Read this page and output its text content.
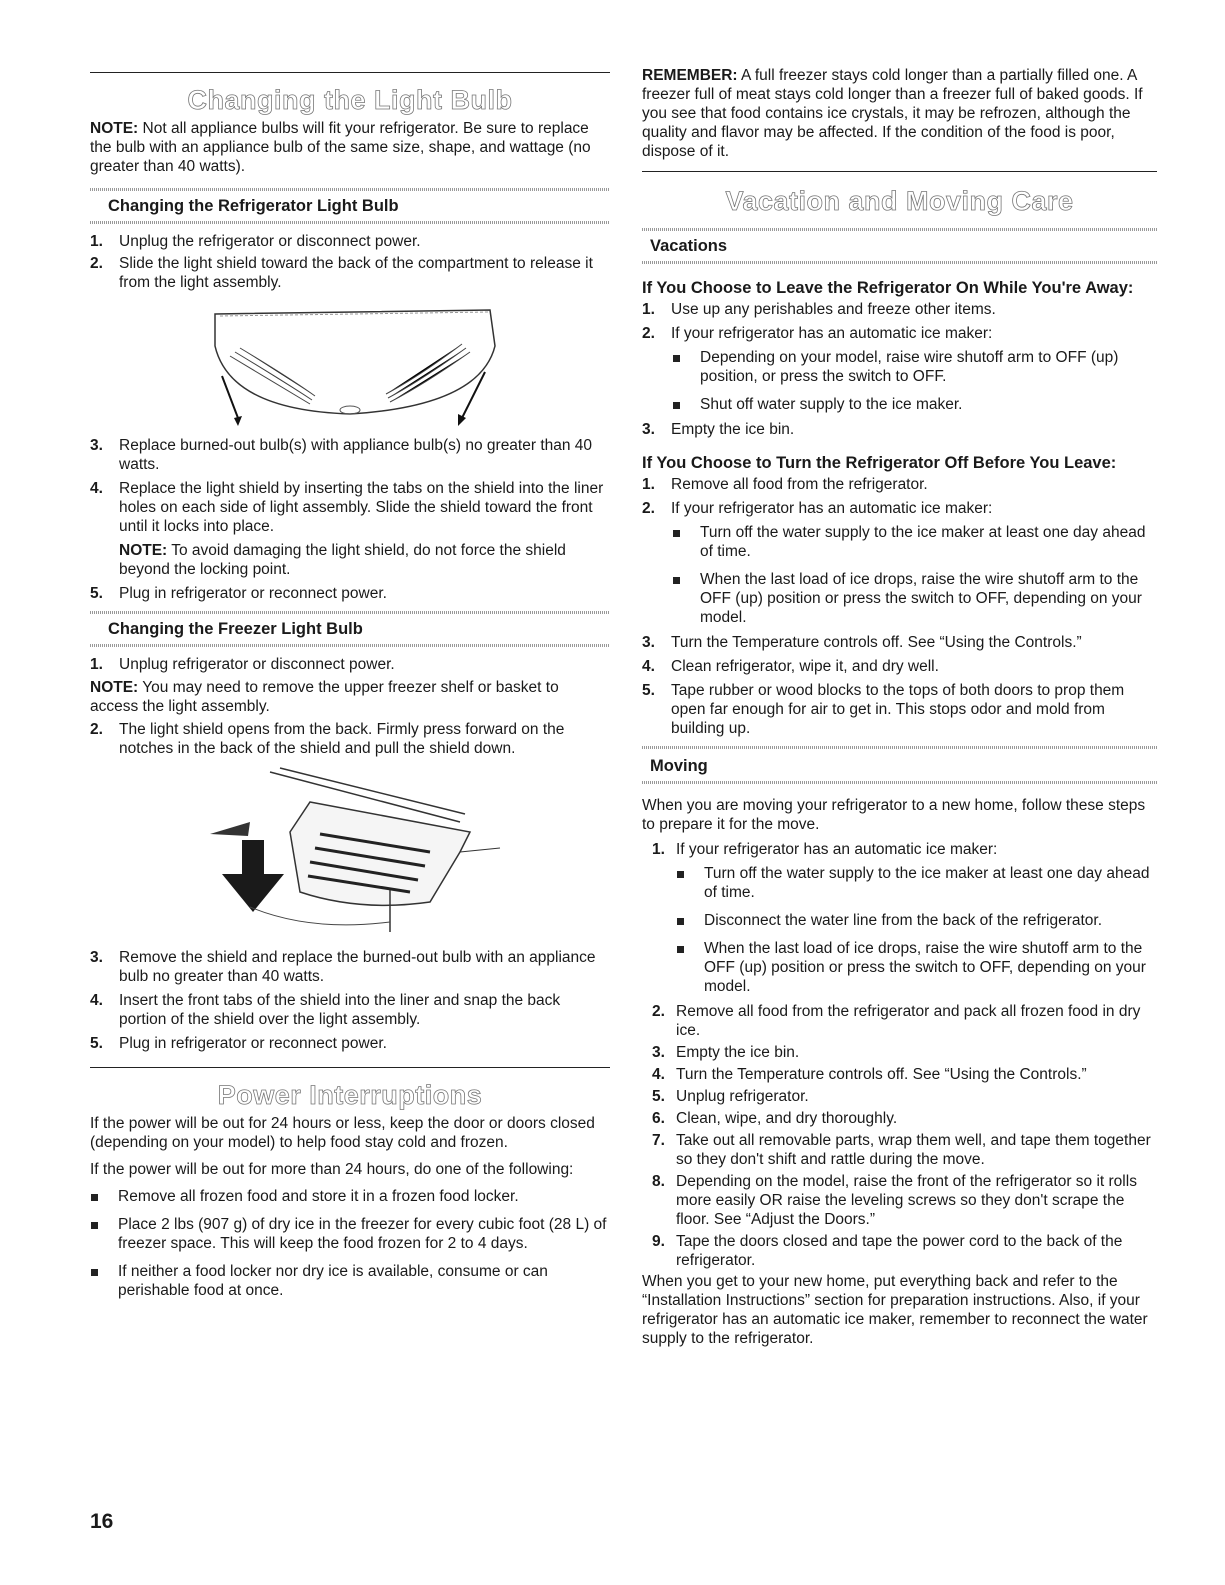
Changing the Light Bulb

NOTE: Not all appliance bulbs will fit your refrigerator. Be sure to replace the bulb with an appliance bulb of the same size, shape, and wattage (no greater than 40 watts).

Changing the Refrigerator Light Bulb
1.	Unplug the refrigerator or disconnect power.
2.	Slide the light shield toward the back of the compartment to release it from the light assembly.
3.	Replace burned-out bulb(s) with appliance bulb(s) no greater than 40 watts.
4.	Replace the light shield by inserting the tabs on the shield into the liner holes on each side of light assembly. Slide the shield toward the front until it locks into place.

NOTE: To avoid damaging the light shield, do not force the shield beyond the locking point.

5.	Plug in refrigerator or reconnect power.
Changing the Freezer Light Bulb
1.	Unplug refrigerator or disconnect power.

NOTE: You may need to remove the upper freezer shelf or basket to access the light assembly.

2.	The light shield opens from the back. Firmly press forward on the notches in the back of the shield and pull the shield down.
3.	Remove the shield and replace the burned-out bulb with an appliance bulb no greater than 40 watts.
4.	Insert the front tabs of the shield into the liner and snap the back portion of the shield over the light assembly.
5.	Plug in refrigerator or reconnect power.
Power Interruptions

If the power will be out for 24 hours or less, keep the door or doors closed (depending on your model) to help food stay cold and frozen.

If the power will be out for more than 24 hours, do one of the following:

Remove all frozen food and store it in a frozen food locker.
Place 2 lbs (907 g) of dry ice in the freezer for every cubic foot (28 L) of freezer space. This will keep the food frozen for 2 to 4 days.
If neither a food locker nor dry ice is available, consume or can perishable food at once.

REMEMBER: A full freezer stays cold longer than a partially filled one. A freezer full of meat stays cold longer than a freezer full of baked goods. If you see that food contains ice crystals, it may be refrozen, although the quality and flavor may be affected. If the condition of the food is poor, dispose of it.

Vacation and Moving Care
Vacations
If You Choose to Leave the Refrigerator On While You're Away:
1.	Use up any perishables and freeze other items.
2.	If your refrigerator has an automatic ice maker:
Depending on your model, raise wire shutoff arm to OFF (up) position, or press the switch to OFF.
Shut off water supply to the ice maker.
3.	Empty the ice bin.
If You Choose to Turn the Refrigerator Off Before You Leave:
1.	Remove all food from the refrigerator.
2.	If your refrigerator has an automatic ice maker:
Turn off the water supply to the ice maker at least one day ahead of time.
When the last load of ice drops, raise the wire shutoff arm to the OFF (up) position or press the switch to OFF, depending on your model.
3.	Turn the Temperature controls off. See “Using the Controls.”
4.	Clean refrigerator, wipe it, and dry well.
5.	Tape rubber or wood blocks to the tops of both doors to prop them open far enough for air to get in. This stops odor and mold from building up.
Moving

When you are moving your refrigerator to a new home, follow these steps to prepare it for the move.

1. If your refrigerator has an automatic ice maker:
Turn off the water supply to the ice maker at least one day ahead of time.
Disconnect the water line from the back of the refrigerator.
When the last load of ice drops, raise the wire shutoff arm to the OFF (up) position or press the switch to OFF, depending on your model.
2. Remove all food from the refrigerator and pack all frozen food in dry ice.
3. Empty the ice bin.
4. Turn the Temperature controls off. See “Using the Controls.”
5. Unplug refrigerator.
6. Clean, wipe, and dry thoroughly.
7. Take out all removable parts, wrap them well, and tape them together so they don't shift and rattle during the move.
8. Depending on the model, raise the front of the refrigerator so it rolls more easily OR raise the leveling screws so they don't scrape the floor. See “Adjust the Doors.”
9. Tape the doors closed and tape the power cord to the back of the refrigerator.

When you get to your new home, put everything back and refer to the “Installation Instructions” section for preparation instructions. Also, if your refrigerator has an automatic ice maker, remember to reconnect the water supply to the refrigerator.

16
